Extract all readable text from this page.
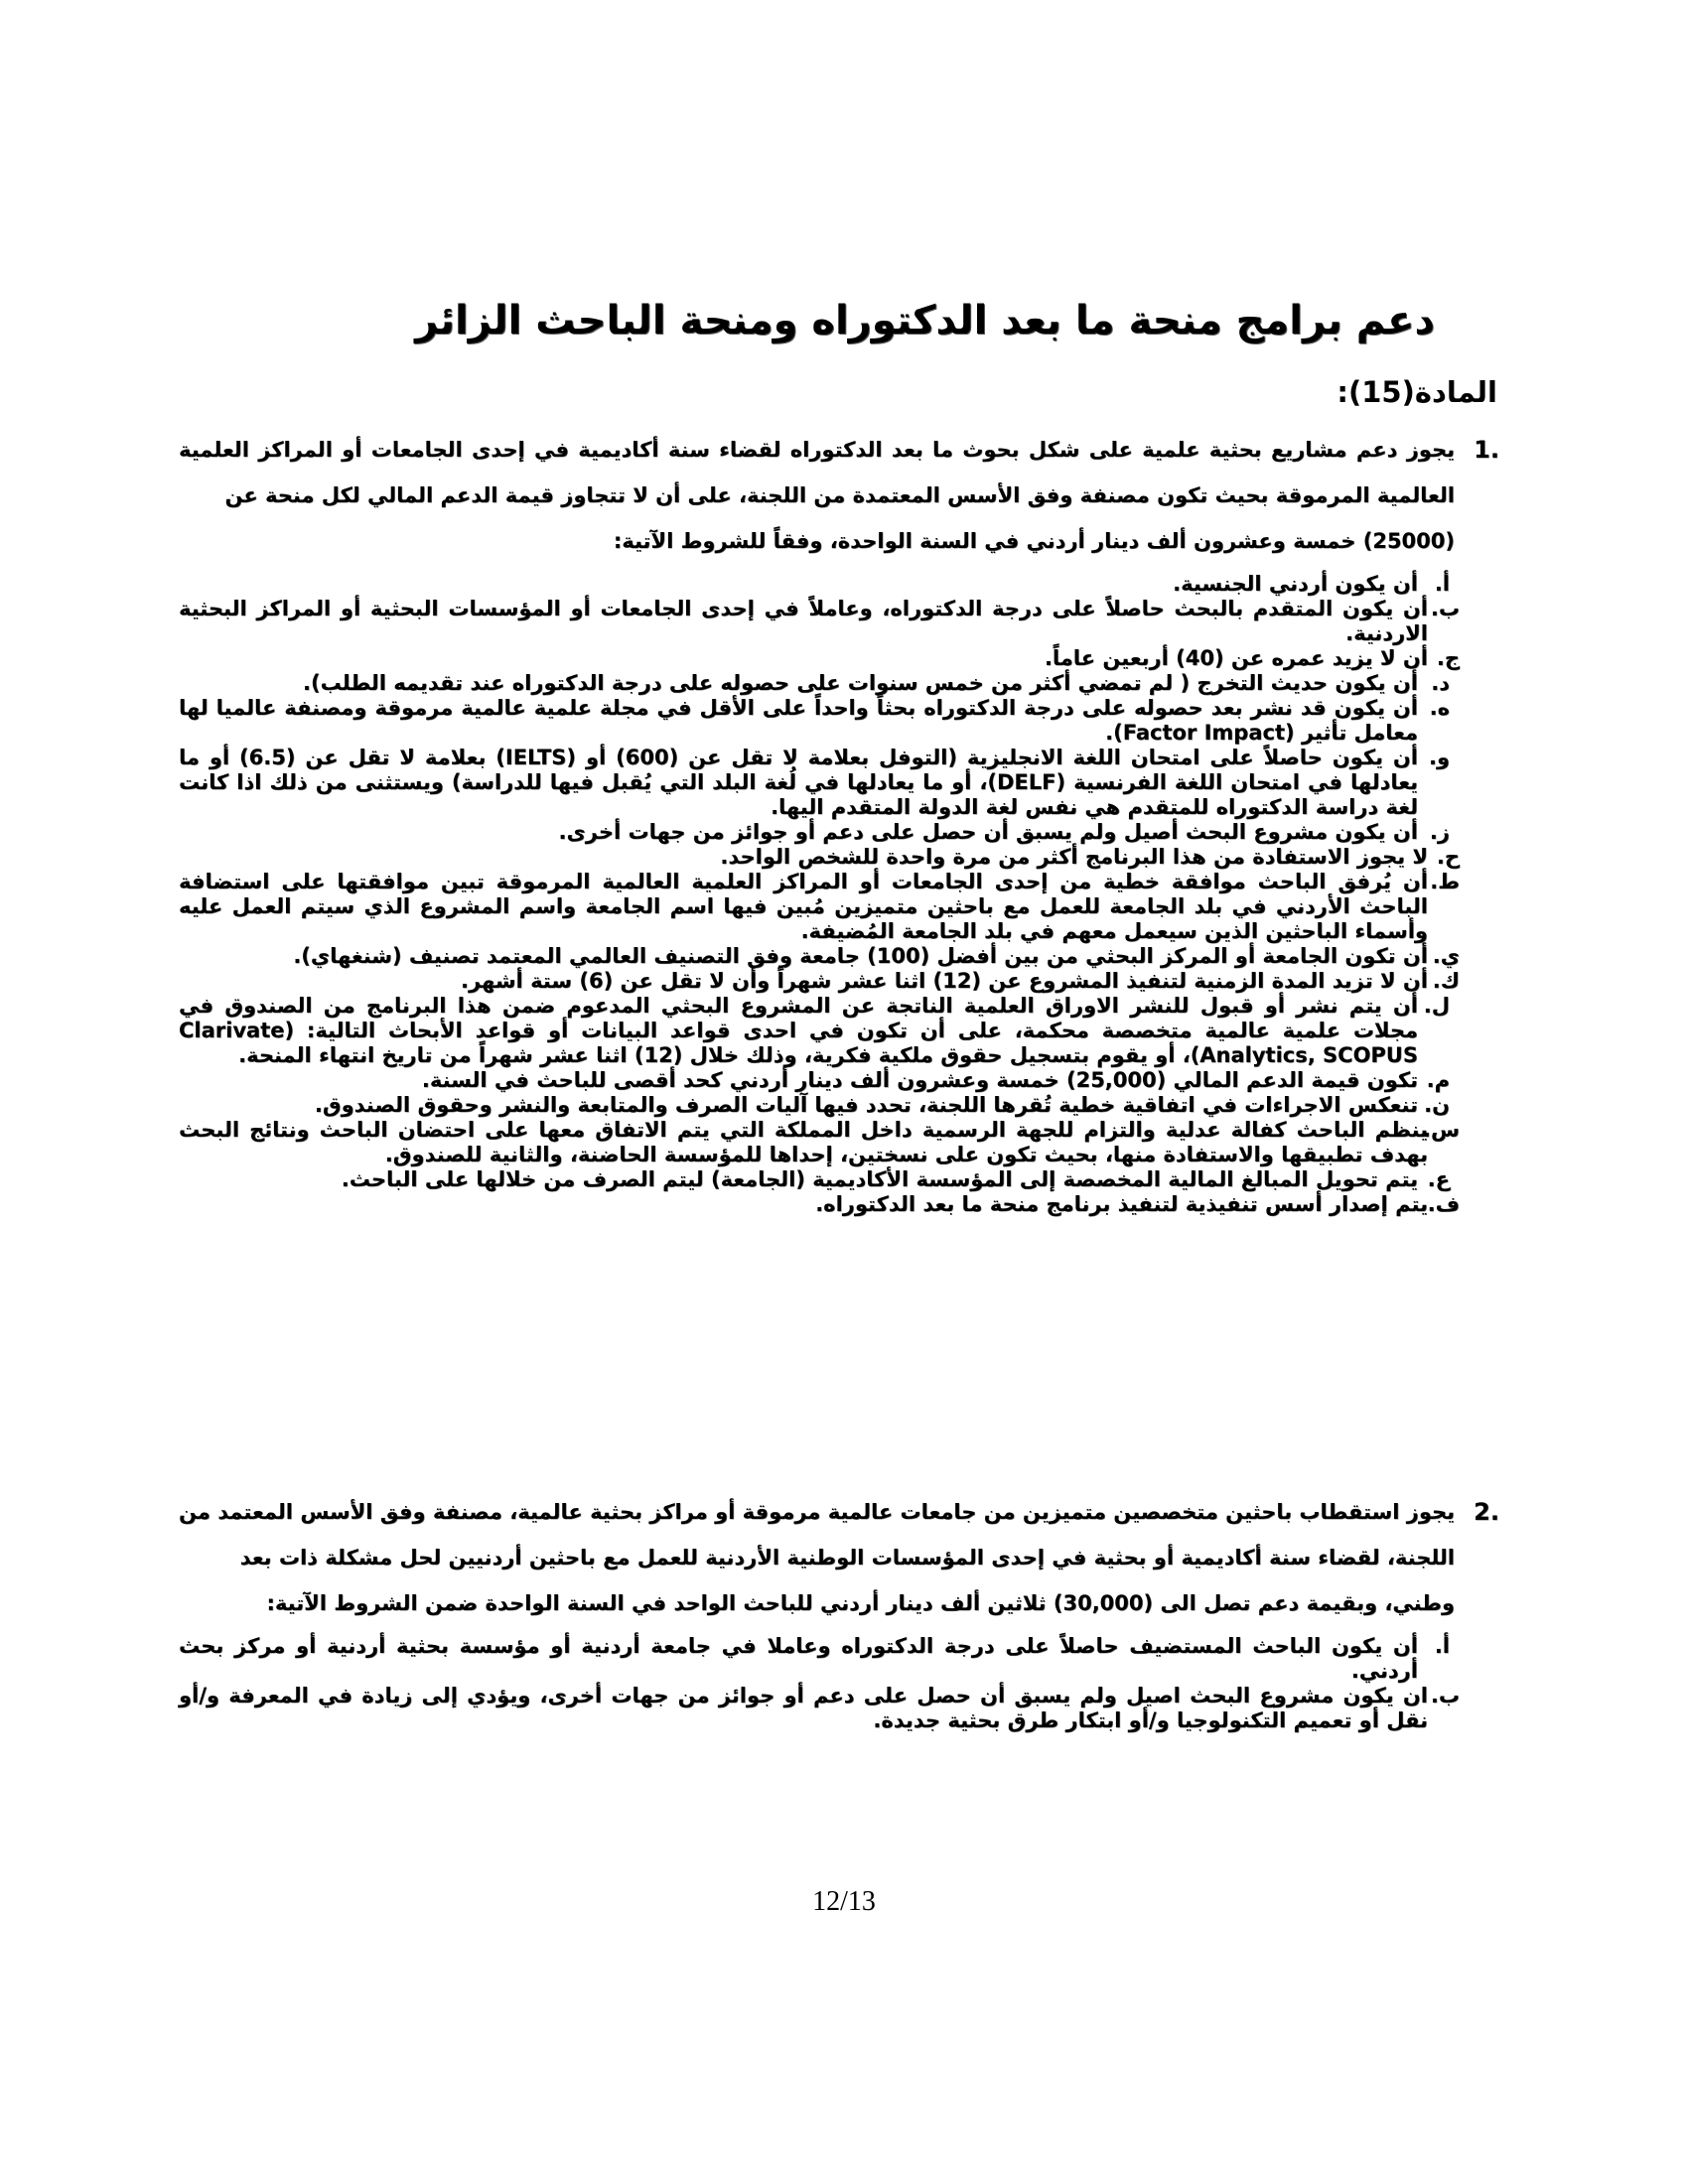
دعم برامج منحة ما بعد الدكتوراه ومنحة الباحث الزائر
المادة(15):
1.
يجوز دعم مشاريع بحثية علمية على شكل بحوث ما بعد الدكتوراه لقضاء سنة أكاديمية في إحدى الجامعات أو المراكز العلمية العالمية المرموقة بحيث تكون مصنفة وفق الأسس المعتمدة من اللجنة، على أن لا تتجاوز قيمة الدعم المالي لكل منحة عن
(25000) خمسة وعشرون ألف دينار أردني في السنة الواحدة، وفقاً للشروط الآتية:
أ.
أن يكون أردني الجنسية.
ب.
أن يكون المتقدم بالبحث حاصلاً على درجة الدكتوراه، وعاملاً في إحدى الجامعات أو المؤسسات البحثية أو المراكز البحثية الاردنية.
ج.
أن لا يزيد عمره عن (40) أربعين عاماً.
د.
أن يكون حديث التخرج ( لم تمضي أكثر من خمس سنوات على حصوله على درجة الدكتوراه عند تقديمه الطلب).
ه.
أن يكون قد نشر بعد حصوله على درجة الدكتوراه بحثاً واحداً على الأقل في مجلة علمية عالمية مرموقة ومصنفة عالميا لها معامل تأثير (Factor Impact).
و.
أن يكون حاصلاً على امتحان اللغة الانجليزية (التوفل بعلامة لا تقل عن (600) أو (IELTS) بعلامة لا تقل عن (6.5) أو ما يعادلها في امتحان اللغة الفرنسية (DELF)، أو ما يعادلها في لُغة البلد التي يُقبل فيها للدراسة) ويستثنى من ذلك اذا كانت لغة دراسة الدكتوراه للمتقدم هي نفس لغة الدولة المتقدم اليها.
ز.
أن يكون مشروع البحث أصيل ولم يسبق أن حصل على دعم أو جوائز من جهات أخرى.
ح.
لا يجوز الاستفادة من هذا البرنامج أكثر من مرة واحدة للشخص الواحد.
ط.
أن يُرفق الباحث موافقة خطية من إحدى الجامعات أو المراكز العلمية العالمية المرموقة تبين موافقتها على استضافة الباحث الأردني في بلد الجامعة للعمل مع باحثين متميزين مُبين فيها اسم الجامعة واسم المشروع الذي سيتم العمل عليه وأسماء الباحثين الذين سيعمل معهم في بلد الجامعة المُضيفة.
ي.
أن تكون الجامعة أو المركز البحثي من بين أفضل (100) جامعة وفق التصنيف العالمي المعتمد تصنيف (شنغهاي).
ك.
أن لا تزيد المدة الزمنية لتنفيذ المشروع عن (12) اثنا عشر شهراً وأن لا تقل عن (6) ستة أشهر.
ل.
أن يتم نشر أو قبول للنشر الاوراق العلمية الناتجة عن المشروع البحثي المدعوم ضمن هذا البرنامج من الصندوق في مجلات علمية عالمية متخصصة محكمة، على أن تكون في احدى قواعد البيانات أو قواعد الأبحاث التالية: (Clarivate Analytics, SCOPUS)، أو يقوم بتسجيل حقوق ملكية فكرية، وذلك خلال (12) اثنا عشر شهراً من تاريخ انتهاء المنحة.
م.
تكون قيمة الدعم المالي (25,000) خمسة وعشرون ألف دينار أردني كحد أقصى للباحث في السنة.
ن.
تنعكس الاجراءات في اتفاقية خطية تُقرها اللجنة، تحدد فيها آليات الصرف والمتابعة والنشر وحقوق الصندوق.
س.
ينظم الباحث كفالة عدلية والتزام للجهة الرسمية داخل المملكة التي يتم الاتفاق معها على احتضان الباحث ونتائج البحث بهدف تطبيقها والاستفادة منها، بحيث تكون على نسختين، إحداها للمؤسسة الحاضنة، والثانية للصندوق.
ع.
يتم تحويل المبالغ المالية المخصصة إلى المؤسسة الأكاديمية (الجامعة) ليتم الصرف من خلالها على الباحث.
ف.
يتم إصدار أسس تنفيذية لتنفيذ برنامج منحة ما بعد الدكتوراه.
2.
يجوز استقطاب باحثين متخصصين متميزين من جامعات عالمية مرموقة أو مراكز بحثية عالمية، مصنفة وفق الأسس المعتمد من اللجنة، لقضاء سنة أكاديمية أو بحثية في إحدى المؤسسات الوطنية الأردنية للعمل مع باحثين أردنيين لحل مشكلة ذات بعد
وطني، وبقيمة دعم تصل الى (30,000) ثلاثين ألف دينار أردني للباحث الواحد في السنة الواحدة ضمن الشروط الآتية:
أ.
أن يكون الباحث المستضيف حاصلاً على درجة الدكتوراه وعاملا في جامعة أردنية أو مؤسسة بحثية أردنية أو مركز بحث أردني.
ب.
ان يكون مشروع البحث اصيل ولم يسبق أن حصل على دعم أو جوائز من جهات أخرى، ويؤدي إلى زيادة في المعرفة و/أو نقل أو تعميم التكنولوجيا و/أو ابتكار طرق بحثية جديدة.
12/13
